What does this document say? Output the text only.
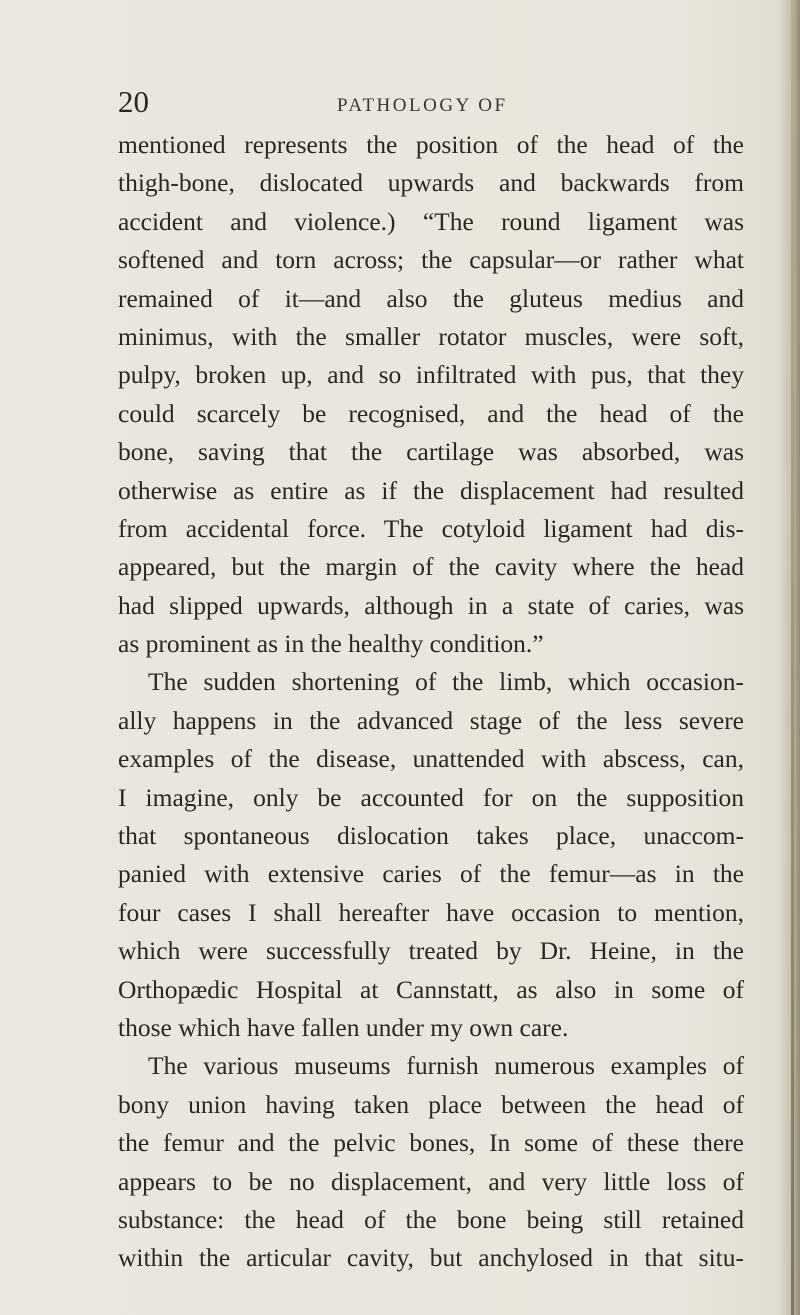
20	PATHOLOGY OF
mentioned represents the position of the head of the
thigh-bone, dislocated upwards and backwards from
accident and violence.) “The round ligament was
softened and torn across; the capsular—or rather what
remained of it—and also the gluteus medius and
minimus, with the smaller rotator muscles, were soft,
pulpy, broken up, and so infiltrated with pus, that they
could scarcely be recognised, and the head of the
bone, saving that the cartilage was absorbed, was
otherwise as entire as if the displacement had resulted
from accidental force. The cotyloid ligament had dis-
appeared, but the margin of the cavity where the head
had slipped upwards, although in a state of caries, was
as prominent as in the healthy condition.”
The sudden shortening of the limb, which occasion-
ally happens in the advanced stage of the less severe
examples of the disease, unattended with abscess, can,
I imagine, only be accounted for on the supposition
that spontaneous dislocation takes place, unaccom-
panied with extensive caries of the femur—as in the
four cases I shall hereafter have occasion to mention,
which were successfully treated by Dr. Heine, in the
Orthopædic Hospital at Cannstatt, as also in some of
those which have fallen under my own care.
The various museums furnish numerous examples of
bony union having taken place between the head of
the femur and the pelvic bones, In some of these there
appears to be no displacement, and very little loss of
substance: the head of the bone being still retained
within the articular cavity, but anchylosed in that situ-
